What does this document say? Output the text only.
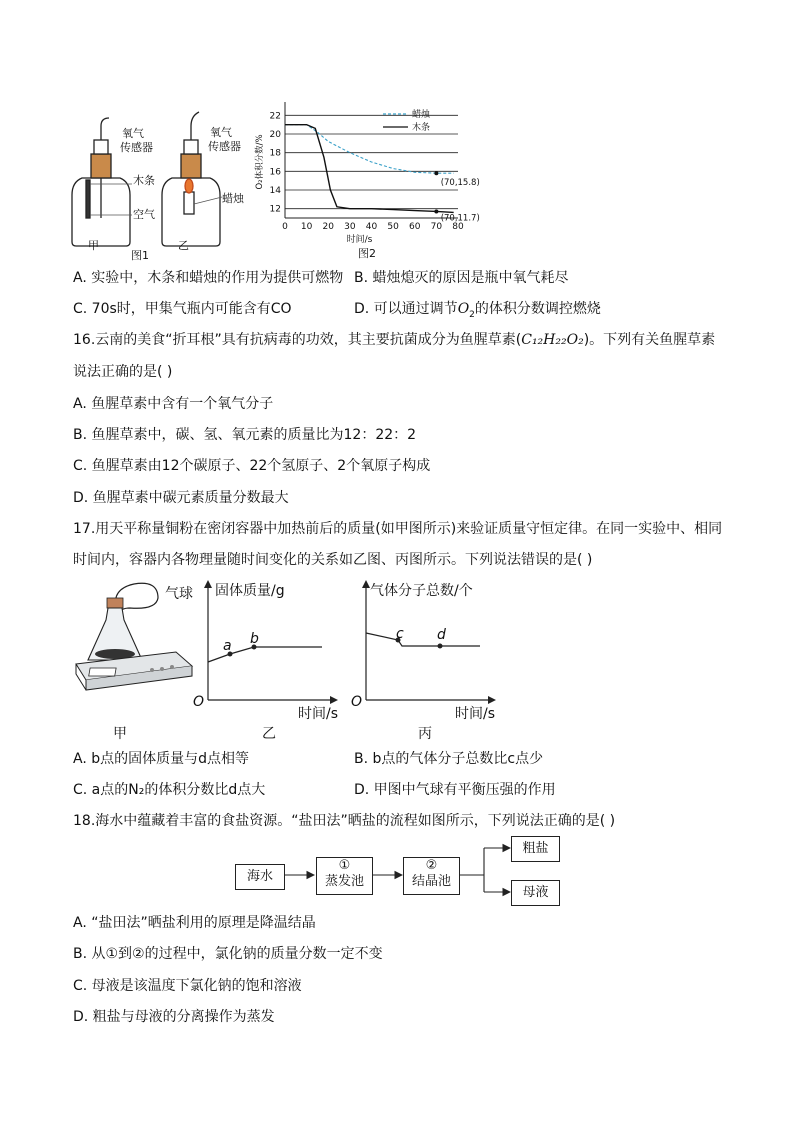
氧气
传感器
氧气
传感器
木条
空气
蜡烛
甲	乙
图1
12
14
16
18
20
22
0 10 20 30 40 50 60 70 80
O₂体积分数/%
时间/s
蜡烛
木条
(70,15.8)
(70,11.7)
图2
A. 实验中，木条和蜡烛的作用为提供可燃物 B. 蜡烛熄灭的原因是瓶中氧气耗尽
C. 70s时，甲集气瓶内可能含有CO	D. 可以通过调节$O_2$的体积分数调控燃烧
16.云南的美食“折耳根”具有抗病毒的功效，其主要抗菌成分为鱼腥草素(C₁₂H₂₂O₂)。下列有关鱼腥草素
说法正确的是( )
A. 鱼腥草素中含有一个氧气分子
B. 鱼腥草素中，碳、氢、氧元素的质量比为12：22：2
C. 鱼腥草素由12个碳原子、22个氢原子、2个氧原子构成
D. 鱼腥草素中碳元素质量分数最大
17.用天平称量铜粉在密闭容器中加热前后的质量(如甲图所示)来验证质量守恒定律。在同一实验中、相同
时间内，容器内各物理量随时间变化的关系如乙图、丙图所示。下列说法错误的是( )
气球
甲
固体质量/g
时间/s
O
a b
乙
气体分子总数/个
时间/s
O
c d
丙
A. b点的固体质量与d点相等	B. b点的气体分子总数比c点少
C. a点的N₂的体积分数比d点大	D. 甲图中气球有平衡压强的作用
18.海水中蕴藏着丰富的食盐资源。“盐田法”晒盐的流程如图所示，下列说法正确的是( )
海水
①
蒸发池
②
结晶池
粗盐
母液
A. “盐田法”晒盐利用的原理是降温结晶
B. 从①到②的过程中，氯化钠的质量分数一定不变
C. 母液是该温度下氯化钠的饱和溶液
D. 粗盐与母液的分离操作为蒸发
